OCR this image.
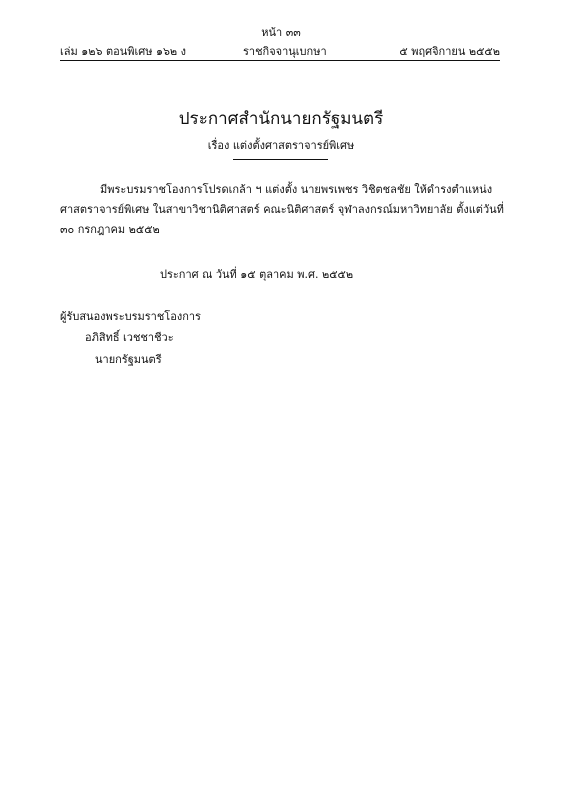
หน้า ๓๓
เล่ม ๑๒๖ ตอนพิเศษ ๑๖๒ ง	ราชกิจจานุเบกษา	๕ พฤศจิกายน ๒๕๕๒
ประกาศสำนักนายกรัฐมนตรี
เรื่อง แต่งตั้งศาสตราจารย์พิเศษ
มีพระบรมราชโองการโปรดเกล้า ฯ แต่งตั้ง นายพรเพชร วิชิตชลชัย ให้ดำรงตำแหน่ง
ศาสตราจารย์พิเศษ ในสาขาวิชานิติศาสตร์ คณะนิติศาสตร์ จุฬาลงกรณ์มหาวิทยาลัย ตั้งแต่วันที่
๓๐ กรกฎาคม ๒๕๕๒
ประกาศ ณ วันที่ ๑๕ ตุลาคม พ.ศ. ๒๕๕๒
ผู้รับสนองพระบรมราชโองการ
อภิสิทธิ์ เวชชาชีวะ
นายกรัฐมนตรี
